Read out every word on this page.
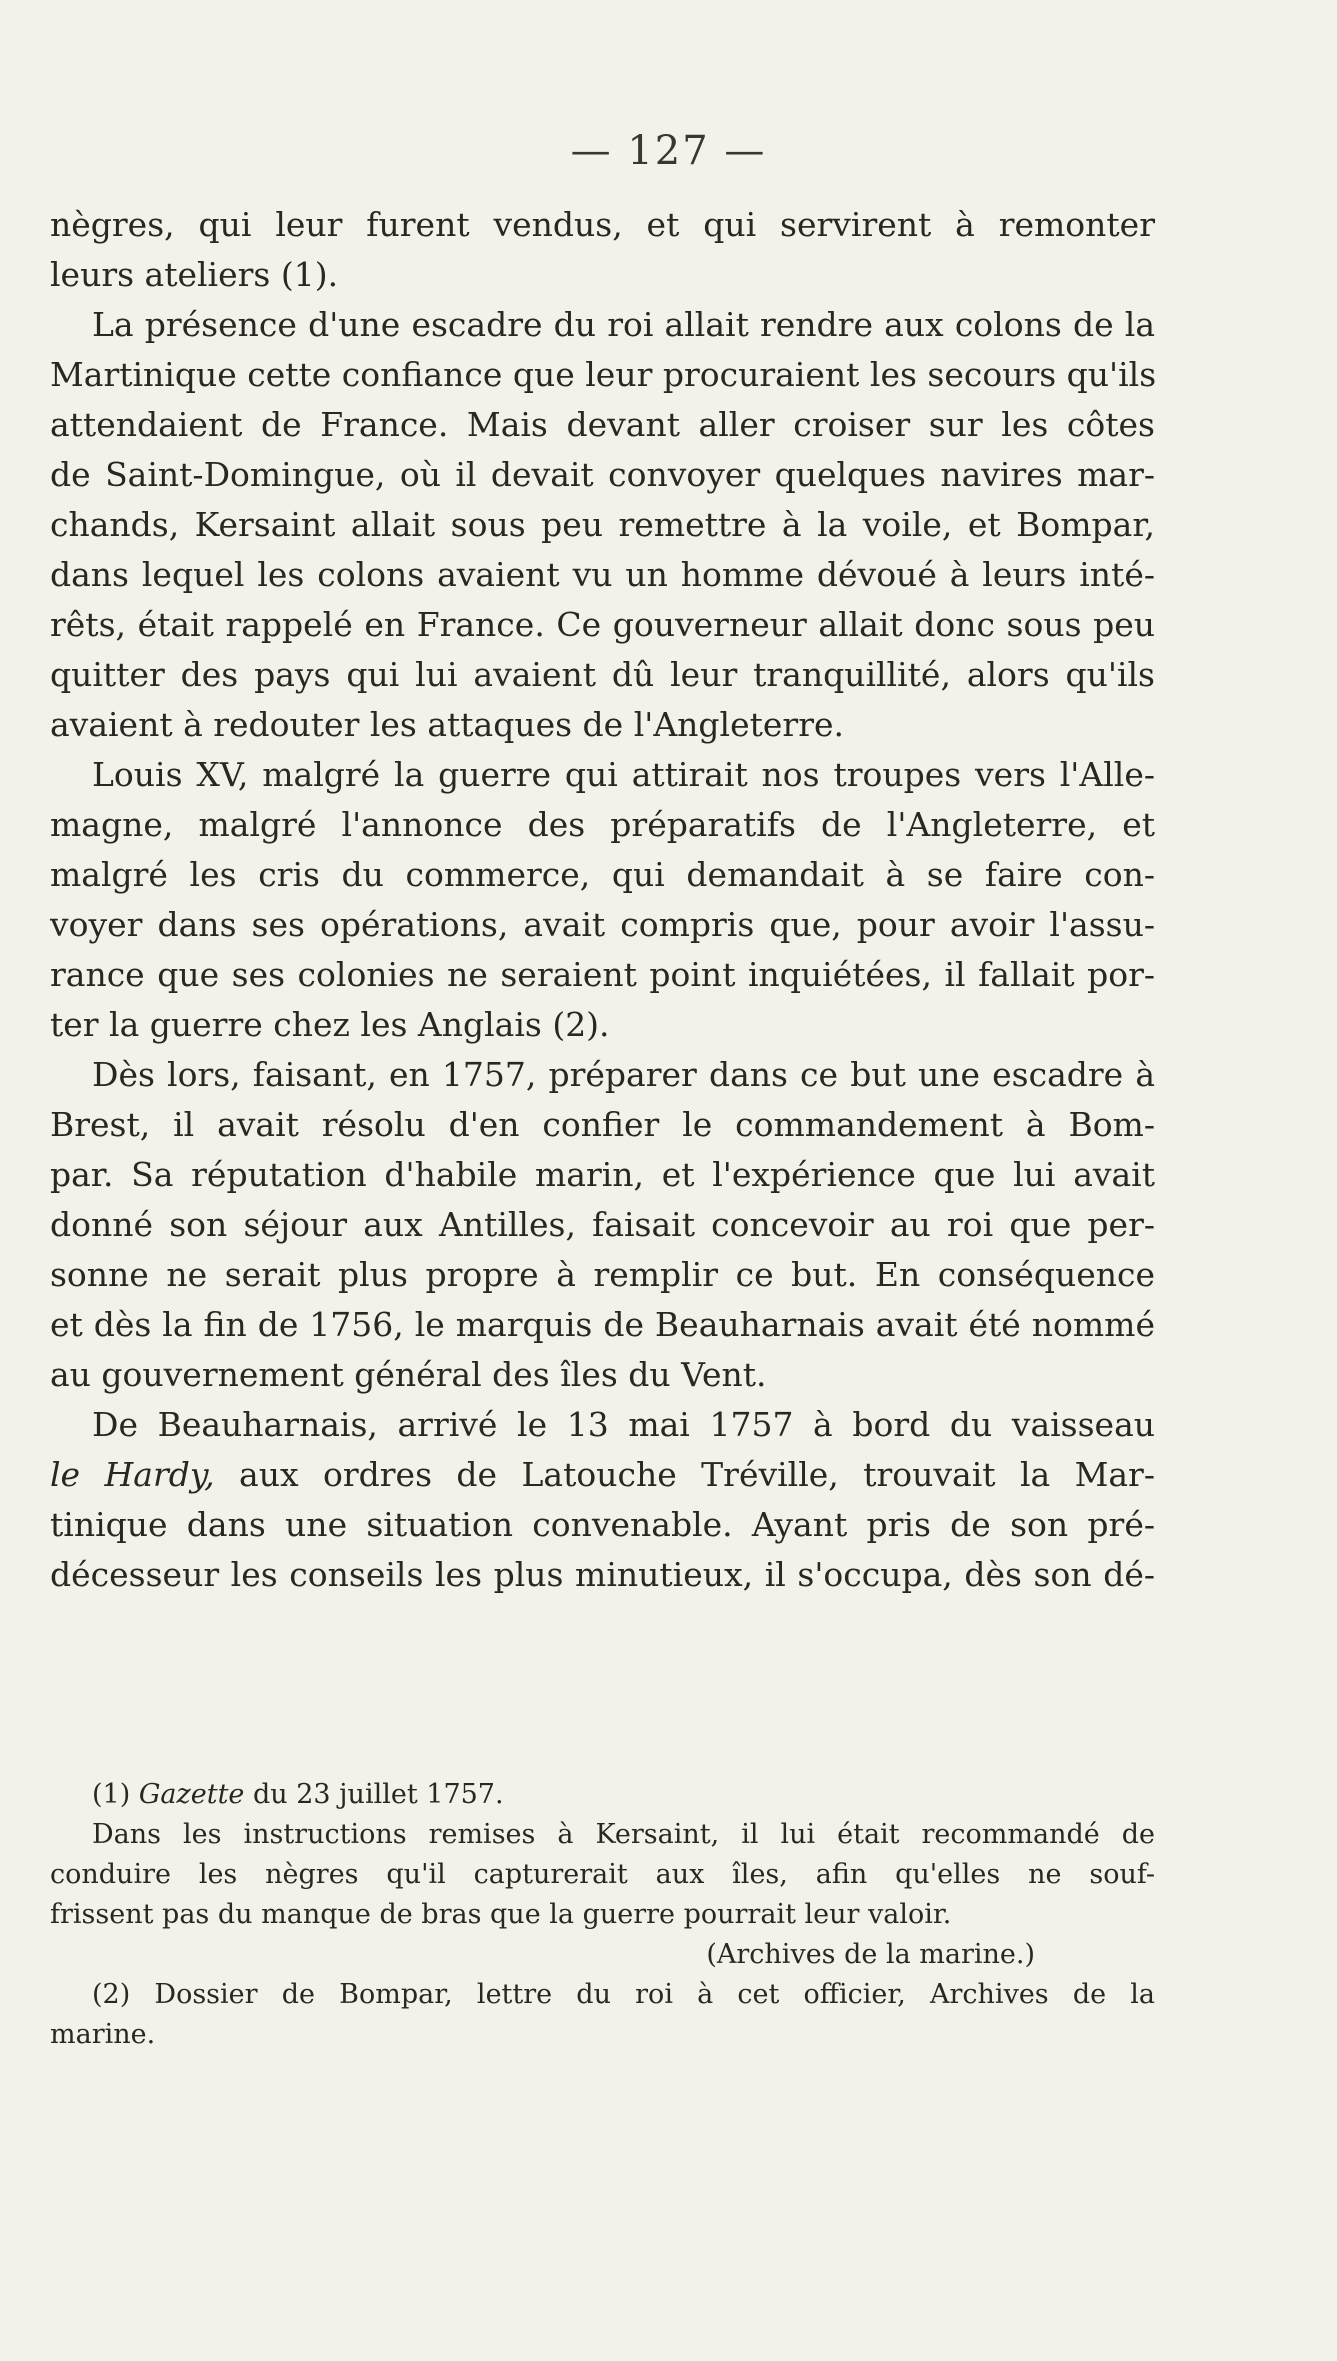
— 127 —

nègres, qui leur furent vendus, et qui servirent à remonter
leurs ateliers (1).

La présence d'une escadre du roi allait rendre aux colons de la
Martinique cette confiance que leur procuraient les secours qu'ils
attendaient de France. Mais devant aller croiser sur les côtes
de Saint-Domingue, où il devait convoyer quelques navires mar-
chands, Kersaint allait sous peu remettre à la voile, et Bompar,
dans lequel les colons avaient vu un homme dévoué à leurs inté-
rêts, était rappelé en France. Ce gouverneur allait donc sous peu
quitter des pays qui lui avaient dû leur tranquillité, alors qu'ils
avaient à redouter les attaques de l'Angleterre.

Louis XV, malgré la guerre qui attirait nos troupes vers l'Alle-
magne, malgré l'annonce des préparatifs de l'Angleterre, et
malgré les cris du commerce, qui demandait à se faire con-
voyer dans ses opérations, avait compris que, pour avoir l'assu-
rance que ses colonies ne seraient point inquiétées, il fallait por-
ter la guerre chez les Anglais (2).

Dès lors, faisant, en 1757, préparer dans ce but une escadre à
Brest, il avait résolu d'en confier le commandement à Bom-
par. Sa réputation d'habile marin, et l'expérience que lui avait
donné son séjour aux Antilles, faisait concevoir au roi que per-
sonne ne serait plus propre à remplir ce but. En conséquence
et dès la fin de 1756, le marquis de Beauharnais avait été nommé
au gouvernement général des îles du Vent.

De Beauharnais, arrivé le 13 mai 1757 à bord du vaisseau
le Hardy, aux ordres de Latouche Tréville, trouvait la Mar-
tinique dans une situation convenable. Ayant pris de son pré-
décesseur les conseils les plus minutieux, il s'occupa, dès son dé-

(1) Gazette du 23 juillet 1757.
Dans les instructions remises à Kersaint, il lui était recommandé de
conduire les nègres qu'il capturerait aux îles, afin qu'elles ne souf-
frissent pas du manque de bras que la guerre pourrait leur valoir.
(Archives de la marine.)

(2) Dossier de Bompar, lettre du roi à cet officier, Archives de la
marine.
